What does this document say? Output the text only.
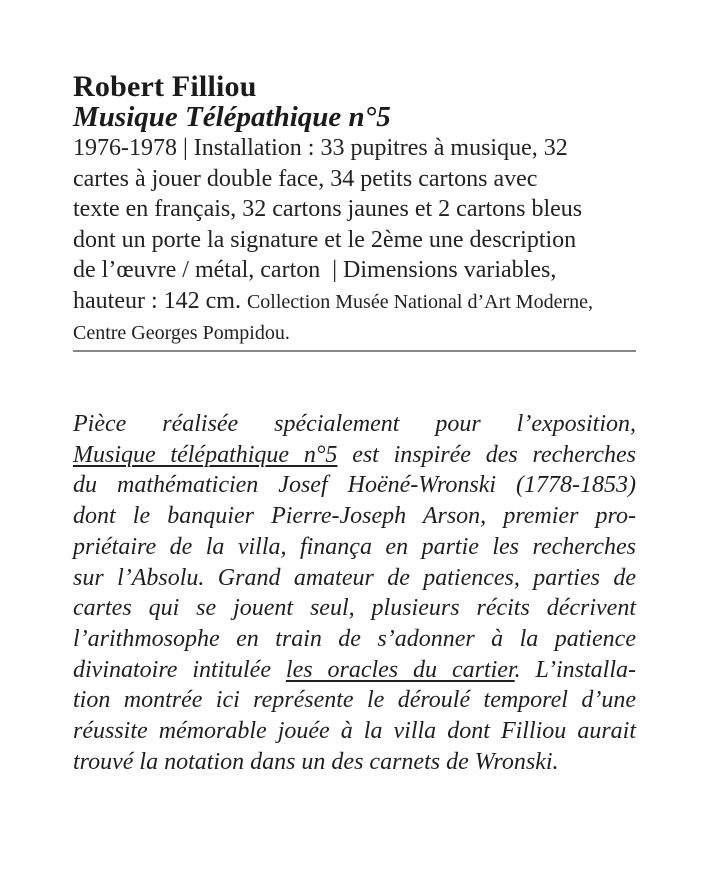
Robert Filliou
Musique Télépathique n°5
1976-1978 | Installation : 33 pupitres à musique, 32
cartes à jouer double face, 34 petits cartons avec
texte en français, 32 cartons jaunes et 2 cartons bleus
dont un porte la signature et le 2ème une description
de l’œuvre / métal, carton  | Dimensions variables,
hauteur : 142 cm. Collection Musée National d’Art Moderne,
Centre Georges Pompidou.
Pièce réalisée spécialement pour l’exposition,
Musique télépathique n°5 est inspirée des recherches
du mathématicien Josef Hoëné-Wronski (1778-1853)
dont le banquier Pierre-Joseph Arson, premier pro-
priétaire de la villa, finança en partie les recherches
sur l’Absolu. Grand amateur de patiences, parties de
cartes qui se jouent seul, plusieurs récits décrivent
l’arithmosophe en train de s’adonner à la patience
divinatoire intitulée les oracles du cartier. L’installa-
tion montrée ici représente le déroulé temporel d’une
réussite mémorable jouée à la villa dont Filliou aurait
trouvé la notation dans un des carnets de Wronski.
